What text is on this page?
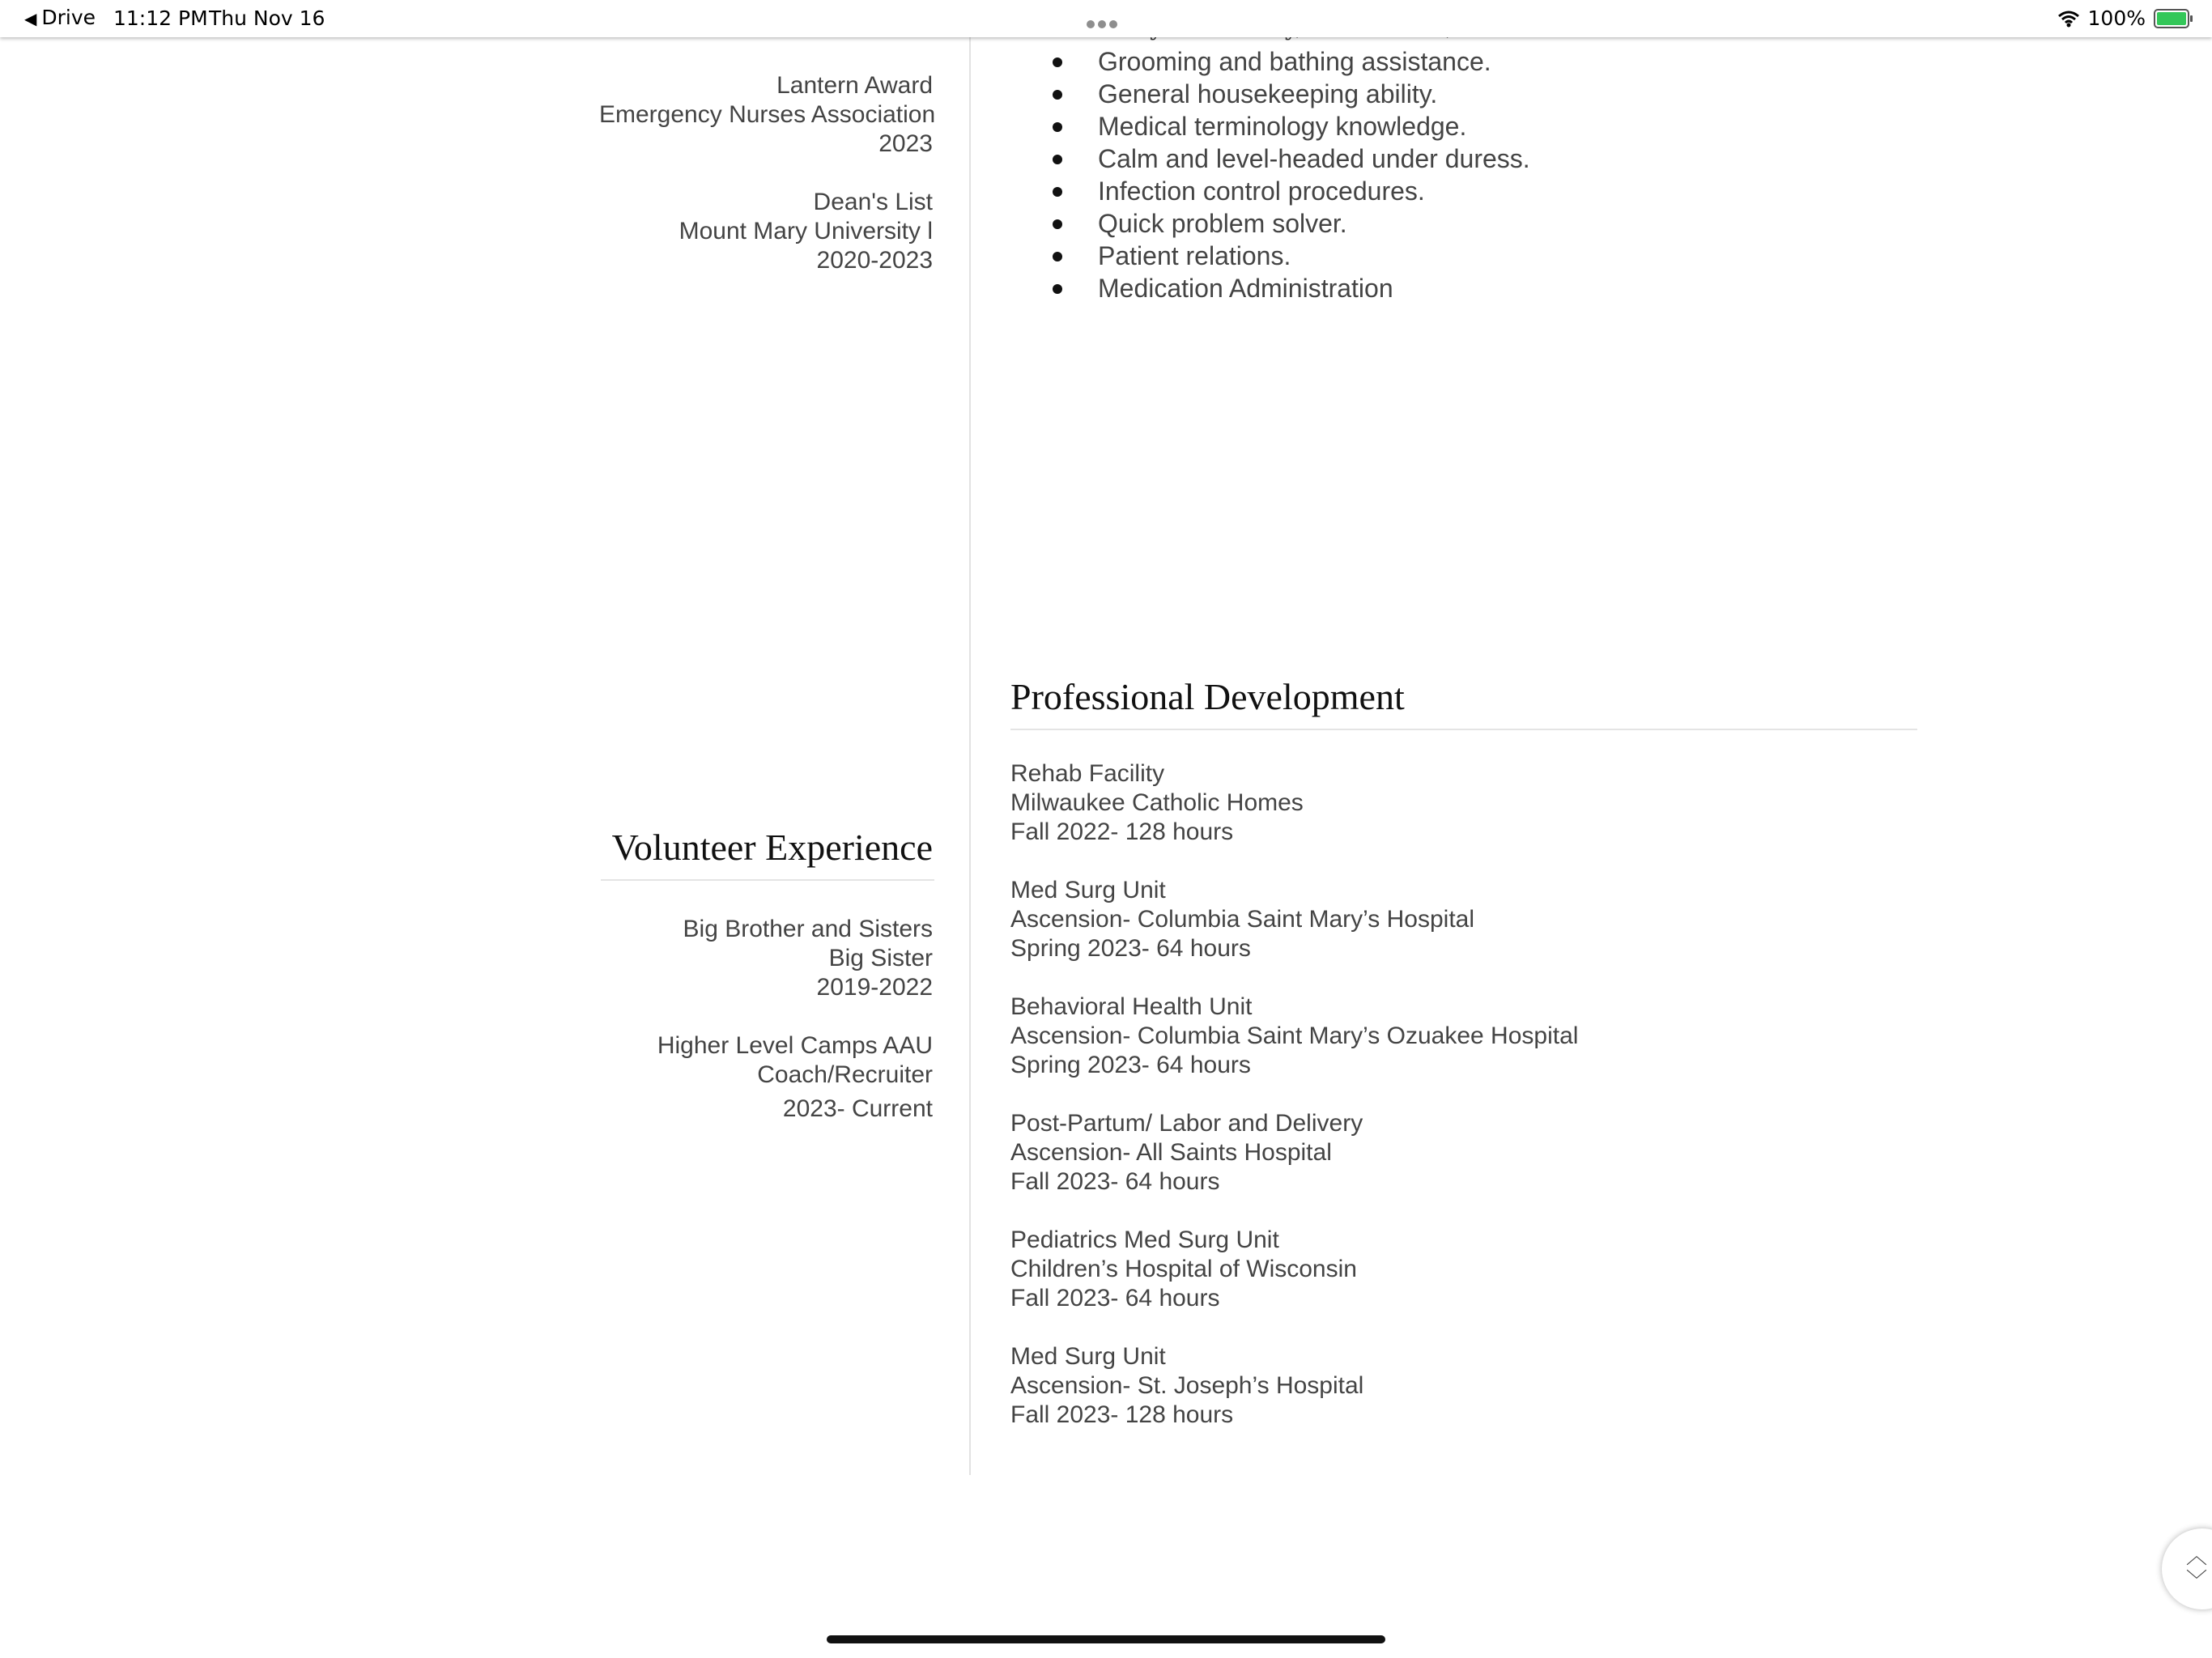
◀ Drive 11:12 PM Thu Nov 16	100%
Lantern Award
Emergency Nurses Association
2023
Dean's List
Mount Mary University l
2020-2023
Grooming and bathing assistance.
General housekeeping ability.
Medical terminology knowledge.
Calm and level-headed under duress.
Infection control procedures.
Quick problem solver.
Patient relations.
Medication Administration
Professional Development
Rehab Facility
Milwaukee Catholic Homes
Fall 2022- 128 hours
Med Surg Unit
Ascension- Columbia Saint Mary’s Hospital
Spring 2023- 64 hours
Behavioral Health Unit
Ascension- Columbia Saint Mary’s Ozuakee Hospital
Spring 2023- 64 hours
Post-Partum/ Labor and Delivery
Ascension- All Saints Hospital
Fall 2023- 64 hours
Pediatrics Med Surg Unit
Children’s Hospital of Wisconsin
Fall 2023- 64 hours
Med Surg Unit
Ascension- St. Joseph’s Hospital
Fall 2023- 128 hours
Volunteer Experience
Big Brother and Sisters
Big Sister
2019-2022
Higher Level Camps AAU
Coach/Recruiter
2023- Current
︿
﹀
